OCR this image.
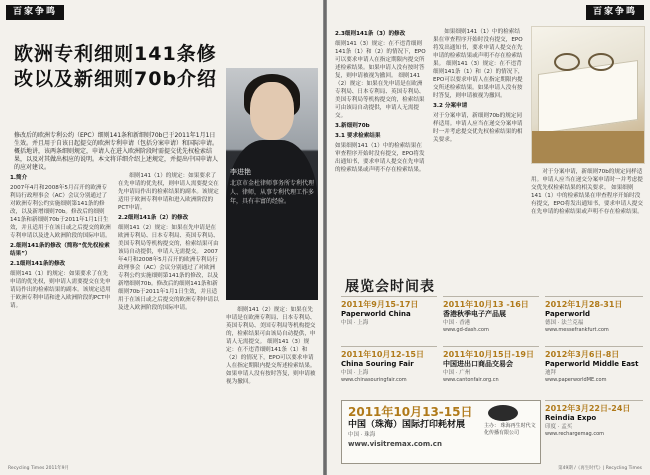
百家争鸣
欧洲专利细则141条修改以及新细则70b介绍
李进艳
北京市金杜律师事务所专利代理人、律师，从事专利代理工作多年，具有丰富的经验。
修改后的欧洲专利公约（EPC）细则141条和新细则70b已于2011年1月1日生效。并且用于自该日起提交的欧洲专利申请（包括分案申请）和国际申请。概括地讲，该两条细则规定，申请人在进入欧洲阶段时需提交优先权检索结果，以及对其做出相应的说明。本文将详细介绍上述规定，并提出中国申请人的应对建议。
1.简介
2007年4月和2008年5月召开的欧洲专利局行政理事会（AC）会议分别通过了对欧洲专利公约实施细则第141条的修改，以及新增细则70b。修改后的细则141条和新细则70b于2011年1月1日生效，并且适用于在该日或之后提交的欧洲专利申请以及进入欧洲阶段的国际申请。
2.细则141条的修改（简称“优先权检索结果”）
2.1细则141条的修改
细则141（1）的规定：如果要求了在先申请的优先权，则申请人需要提交在先申请局作出的检索结果的副本。该规定适用于欧洲专利申请和进入欧洲阶段的PCT申请。
细则141（1）的规定：如果要求了在先申请的优先权，则申请人需要提交在先申请局作出的检索结果的副本。该规定适用于欧洲专利申请和进入欧洲阶段的PCT申请。
2.2细则141条（2）的修改
细则141（2）规定：如果在先申请是在欧洲专利局、日本专利局、英国专利局、美国专利局等机构提交的，检索结果可由该局自动提供，申请人无需提交。 2007年4月和2008年5月召开的欧洲专利局行政理事会（AC）会议分别通过了对欧洲专利公约实施细则第141条的修改，以及新增细则70b。修改后的细则141条和新细则70b于2011年1月1日生效，并且适用于在该日或之后提交的欧洲专利申请以及进入欧洲阶段的国际申请。	细则141（2）规定：如果在先申请是在欧洲专利局、日本专利局、英国专利局、美国专利局等机构提交的，检索结果可由该局自动提供，申请人无需提交。 细则141（3）规定：在不违背细则141条（1）和（2）的情况下，EPO可以要求申请人在指定期限内提交所述检索结果。如果申请人没有按时答复，则申请被视为撤回。
Recycling Times 2011年9月
百家争鸣
2.3细则141条（3）的修改
细则141（3）规定：在不违背细则141条（1）和（2）的情况下，EPO可以要求申请人在指定期限内提交所述检索结果。如果申请人没有按时答复，则申请被视为撤回。 细则141（2）规定：如果在先申请是在欧洲专利局、日本专利局、英国专利局、美国专利局等机构提交的，检索结果可由该局自动提供，申请人无需提交。
3.新细则70b
3.1 要求检索结果
如果细则141（1）中的检索结果在审查程序开始时没有提交，EPO将发出通知书，要求申请人提交在先申请的检索结果或声明不存在检索结果。
如果细则141（1）中的检索结果在审查程序开始时没有提交，EPO将发出通知书，要求申请人提交在先申请的检索结果或声明不存在检索结果。 细则141（3）规定：在不违背细则141条（1）和（2）的情况下，EPO可以要求申请人在指定期限内提交所述检索结果。如果申请人没有按时答复，则申请被视为撤回。
3.2 分案申请
对于分案申请，新细则70b的规定同样适用。申请人应当在递交分案申请时一并考虑提交优先权检索结果的相关要求。
对于分案申请，新细则70b的规定同样适用。申请人应当在递交分案申请时一并考虑提交优先权检索结果的相关要求。 如果细则141（1）中的检索结果在审查程序开始时没有提交，EPO将发出通知书，要求申请人提交在先申请的检索结果或声明不存在检索结果。
展览会时间表
2011年9月15-17日
Paperworld China
中国 · 上海
2011年10月13 -16日
香港秋季电子产品展
中国 · 香港
www.gd-dash.com
2012年1月28-31日
Paperworld
德国 · 法兰克福
www.messefrankfurt.com
2011年10月12-15日
China Souring Fair
中国 · 上海
www.chinasouringfair.com
2011年10月15日-19日
中国进出口商品交易会
中国 · 广州
www.cantonfair.org.cn
2012年3月6日-8日
Paperworld Middle East
迪拜
www.paperworldME.com
2011年10月13-15日
中国（珠海）国际打印耗材展
中国 · 珠海
www.visitremax.com.cn
主办： 珠海再生时代文化传播有限公司
2012年3月22日-24日
Reindia Expo
印度 · 孟买
www.rechargemag.com
第49期 /《再生时代》| Recycling Times
